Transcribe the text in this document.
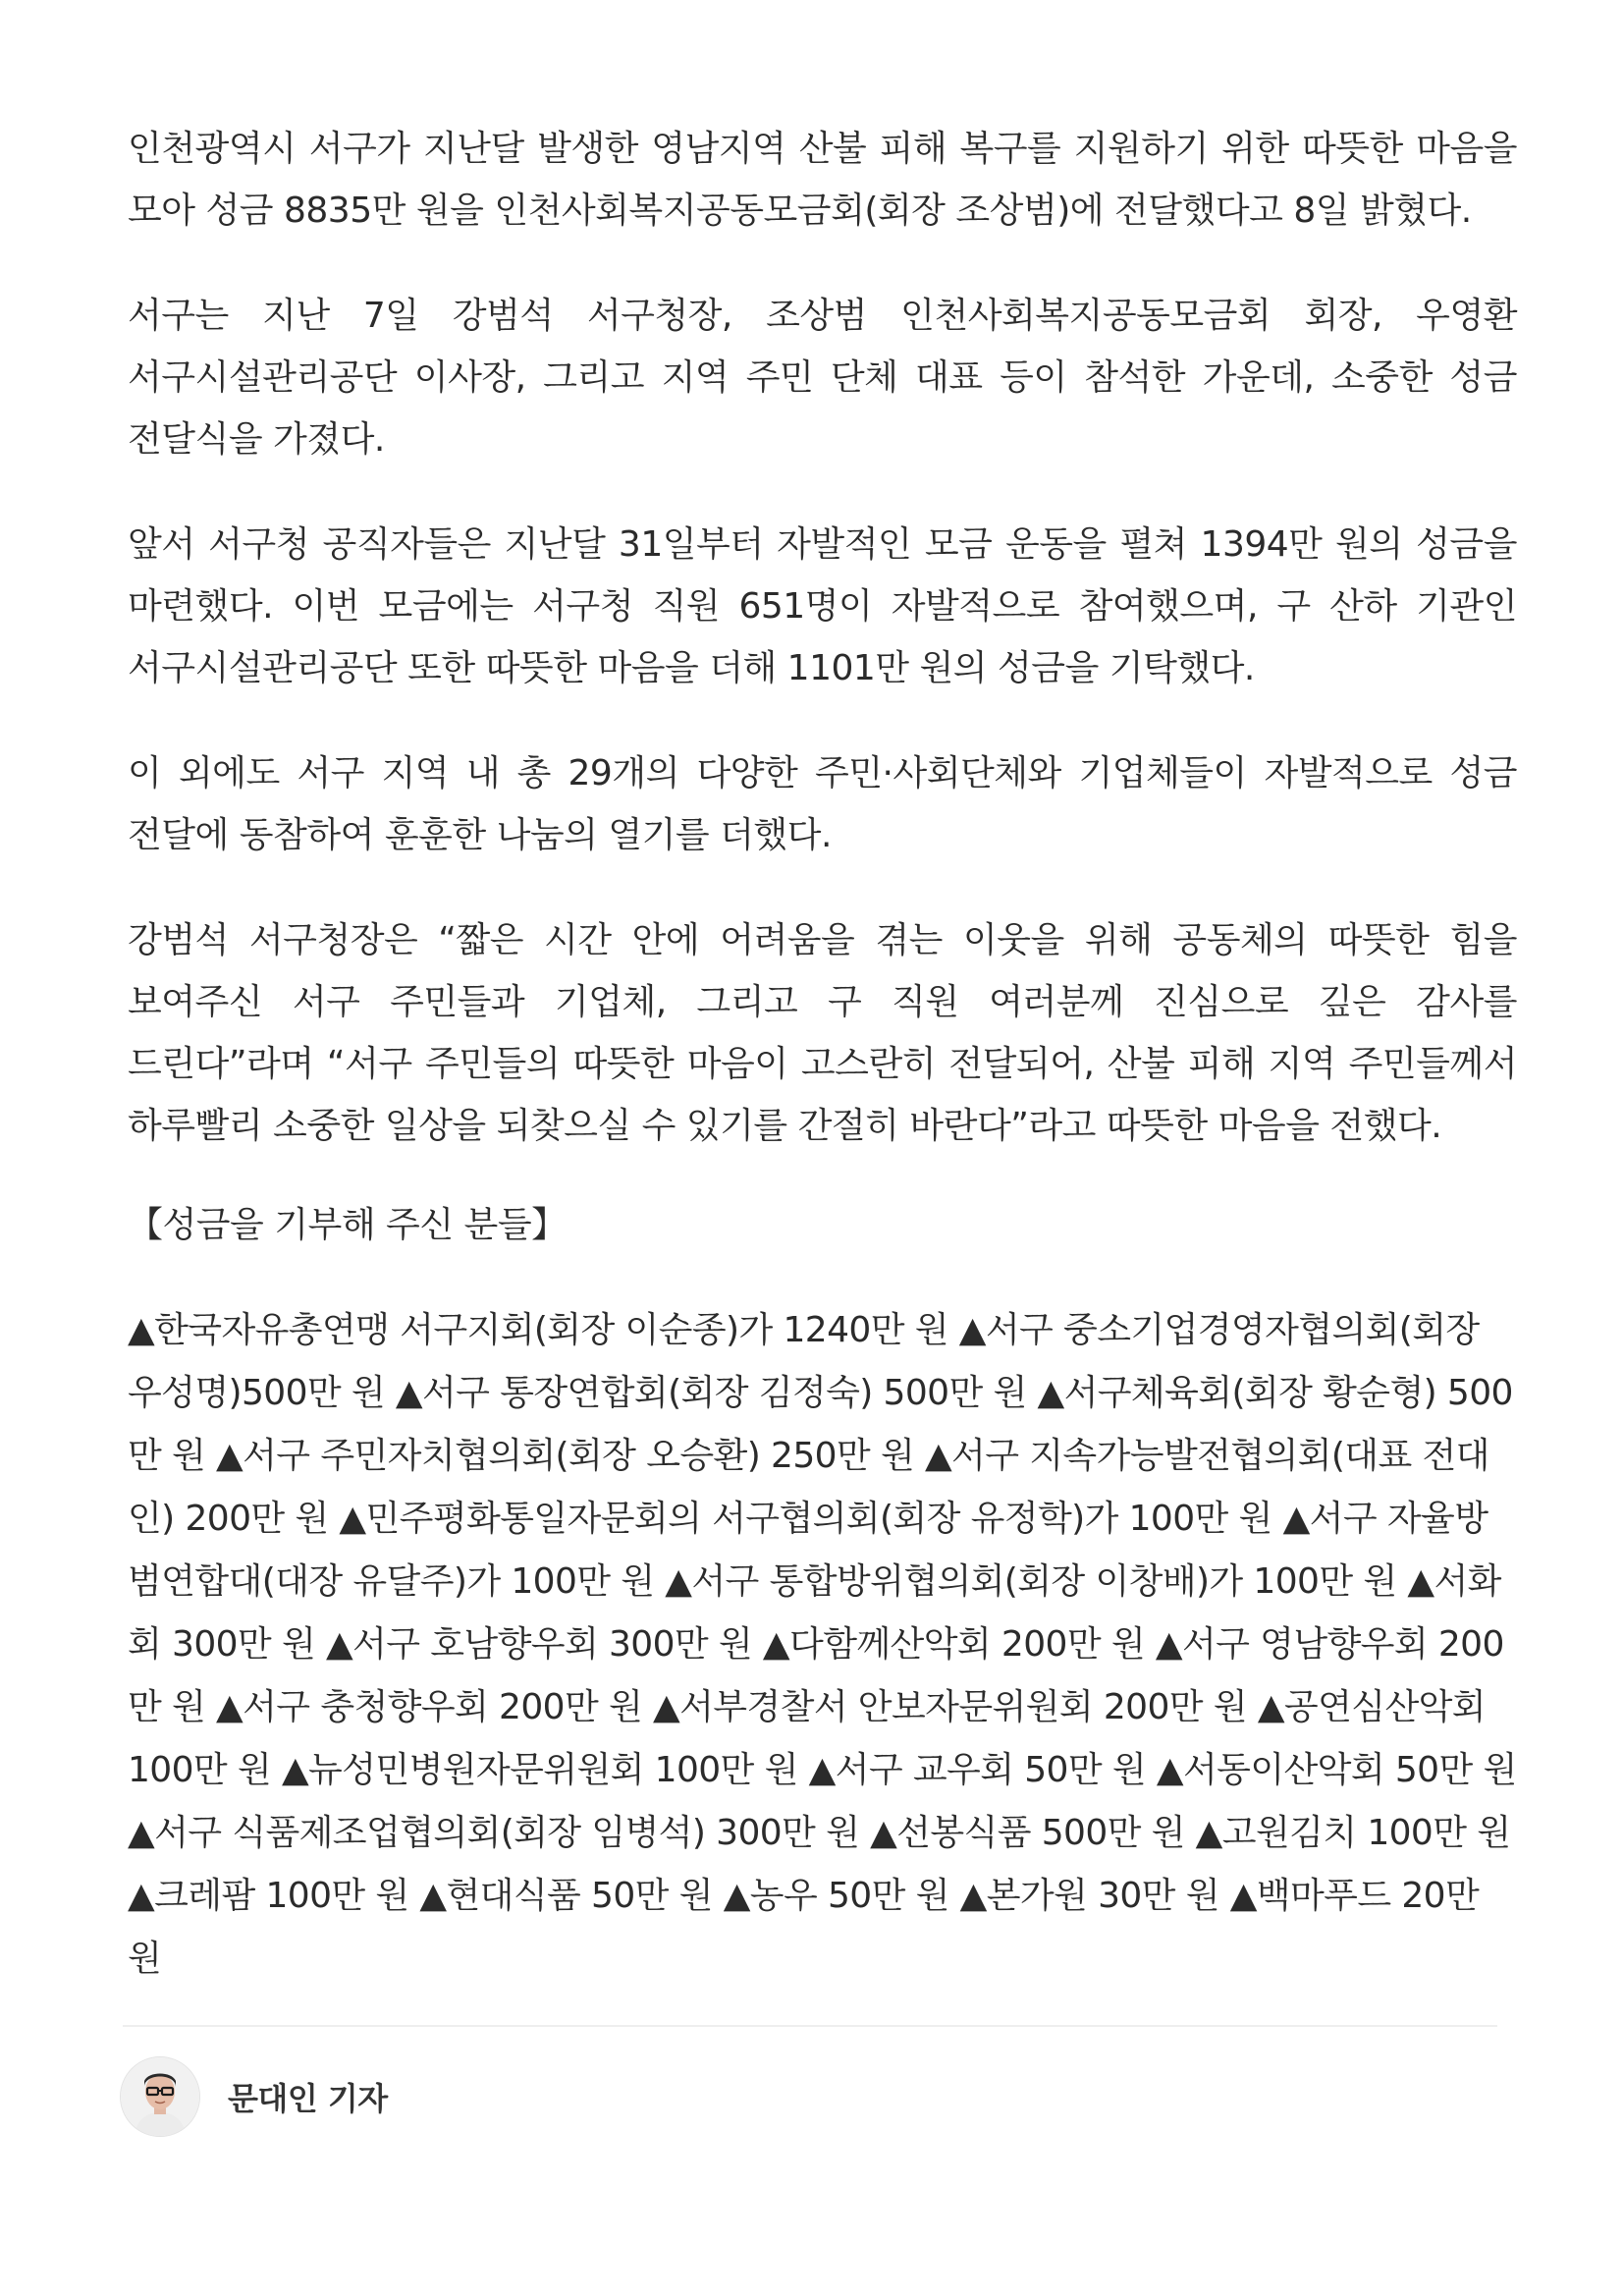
인천광역시 서구가 지난달 발생한 영남지역 산불 피해 복구를 지원하기 위한 따뜻한 마음을 모아 성금 8835만 원을 인천사회복지공동모금회(회장 조상범)에 전달했다고 8일 밝혔다.

서구는 지난 7일 강범석 서구청장, 조상범 인천사회복지공동모금회 회장, 우영환 서구시설관리공단 이사장, 그리고 지역 주민 단체 대표 등이 참석한 가운데, 소중한 성금 전달식을 가졌다.

앞서 서구청 공직자들은 지난달 31일부터 자발적인 모금 운동을 펼쳐 1394만 원의 성금을 마련했다. 이번 모금에는 서구청 직원 651명이 자발적으로 참여했으며, 구 산하 기관인 서구시설관리공단 또한 따뜻한 마음을 더해 1101만 원의 성금을 기탁했다.

이 외에도 서구 지역 내 총 29개의 다양한 주민·사회단체와 기업체들이 자발적으로 성금 전달에 동참하여 훈훈한 나눔의 열기를 더했다.

강범석 서구청장은 “짧은 시간 안에 어려움을 겪는 이웃을 위해 공동체의 따뜻한 힘을 보여주신 서구 주민들과 기업체, 그리고 구 직원 여러분께 진심으로 깊은 감사를 드린다”라며 “서구 주민들의 따뜻한 마음이 고스란히 전달되어, 산불 피해 지역 주민들께서 하루빨리 소중한 일상을 되찾으실 수 있기를 간절히 바란다”라고 따뜻한 마음을 전했다.

【성금을 기부해 주신 분들】

▲한국자유총연맹 서구지회(회장 이순종)가 1240만 원 ▲서구 중소기업경영자협의회(회장 우성명)500만 원 ▲서구 통장연합회(회장 김정숙) 500만 원 ▲서구체육회(회장 황순형) 500만 원 ▲서구 주민자치협의회(회장 오승환) 250만 원 ▲서구 지속가능발전협의회(대표 전대인) 200만 원 ▲민주평화통일자문회의 서구협의회(회장 유정학)가 100만 원 ▲서구 자율방범연합대(대장 유달주)가 100만 원 ▲서구 통합방위협의회(회장 이창배)가 100만 원 ▲서화회 300만 원 ▲서구 호남향우회 300만 원 ▲다함께산악회 200만 원 ▲서구 영남향우회 200만 원 ▲서구 충청향우회 200만 원 ▲서부경찰서 안보자문위원회 200만 원 ▲공연심산악회 100만 원 ▲뉴성민병원자문위원회 100만 원 ▲서구 교우회 50만 원 ▲서동이산악회 50만 원 ▲서구 식품제조업협의회(회장 임병석) 300만 원 ▲선봉식품 500만 원 ▲고원김치 100만 원 ▲크레팜 100만 원 ▲현대식품 50만 원 ▲농우 50만 원 ▲본가원 30만 원 ▲백마푸드 20만 원

문대인 기자
